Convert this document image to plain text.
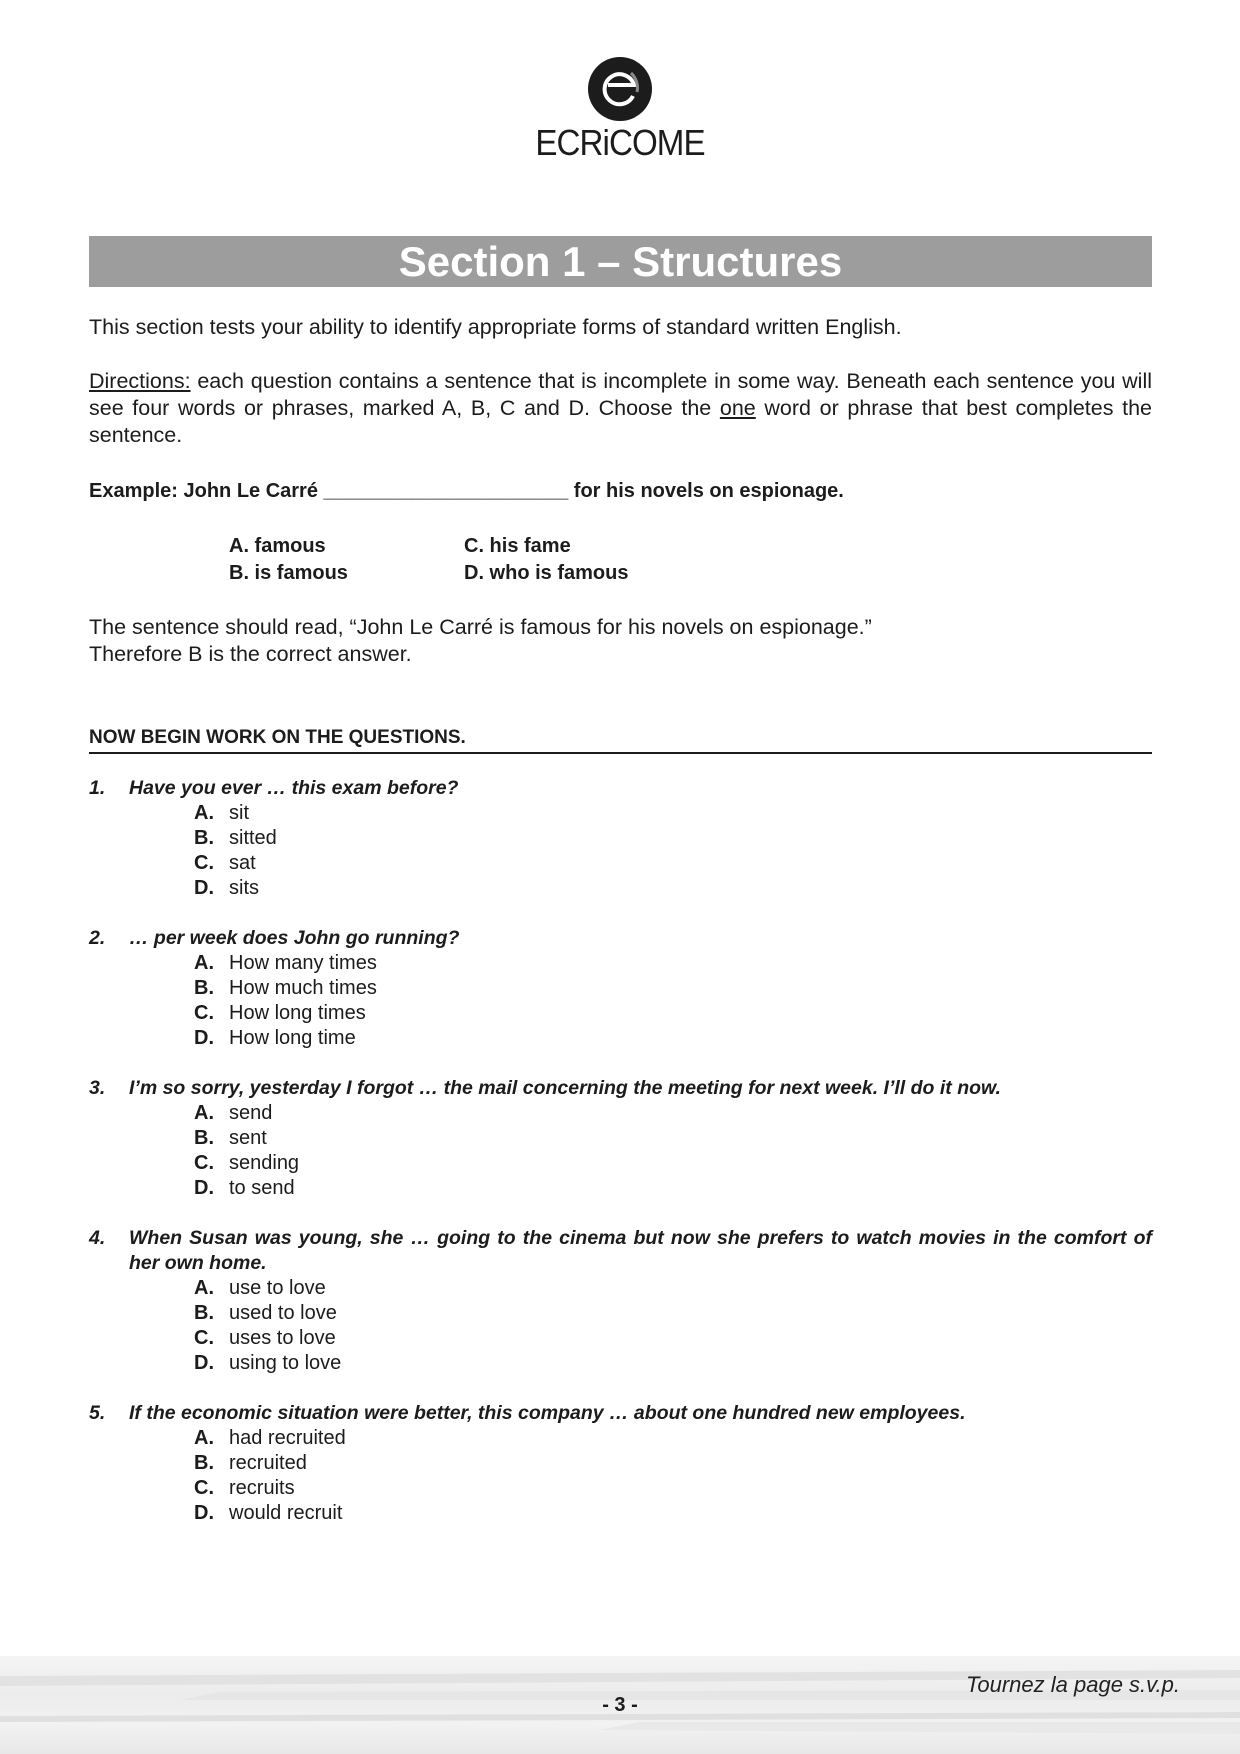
ECRiCOME
Section 1 – Structures
This section tests your ability to identify appropriate forms of standard written English.
Directions: each question contains a sentence that is incomplete in some way. Beneath each sentence you will see four words or phrases, marked A, B, C and D. Choose the one word or phrase that best completes the sentence.
Example: John Le Carré ______________________ for his novels on espionage.
A. famous
B. is famous
C. his fame
D. who is famous
The sentence should read, “John Le Carré is famous for his novels on espionage.”
Therefore B is the correct answer.
NOW BEGIN WORK ON THE QUESTIONS.
1. Have you ever … this exam before?
A. sit
B. sitted
C. sat
D. sits
2. … per week does John go running?
A. How many times
B. How much times
C. How long times
D. How long time
3. I’m so sorry, yesterday I forgot … the mail concerning the meeting for next week. I’ll do it now.
A. send
B. sent
C. sending
D. to send
4. When Susan was young, she … going to the cinema but now she prefers to watch movies in the comfort of her own home.
A. use to love
B. used to love
C. uses to love
D. using to love
5. If the economic situation were better, this company … about one hundred new employees.
A. had recruited
B. recruited
C. recruits
D. would recruit
Tournez la page s.v.p.
- 3 -
